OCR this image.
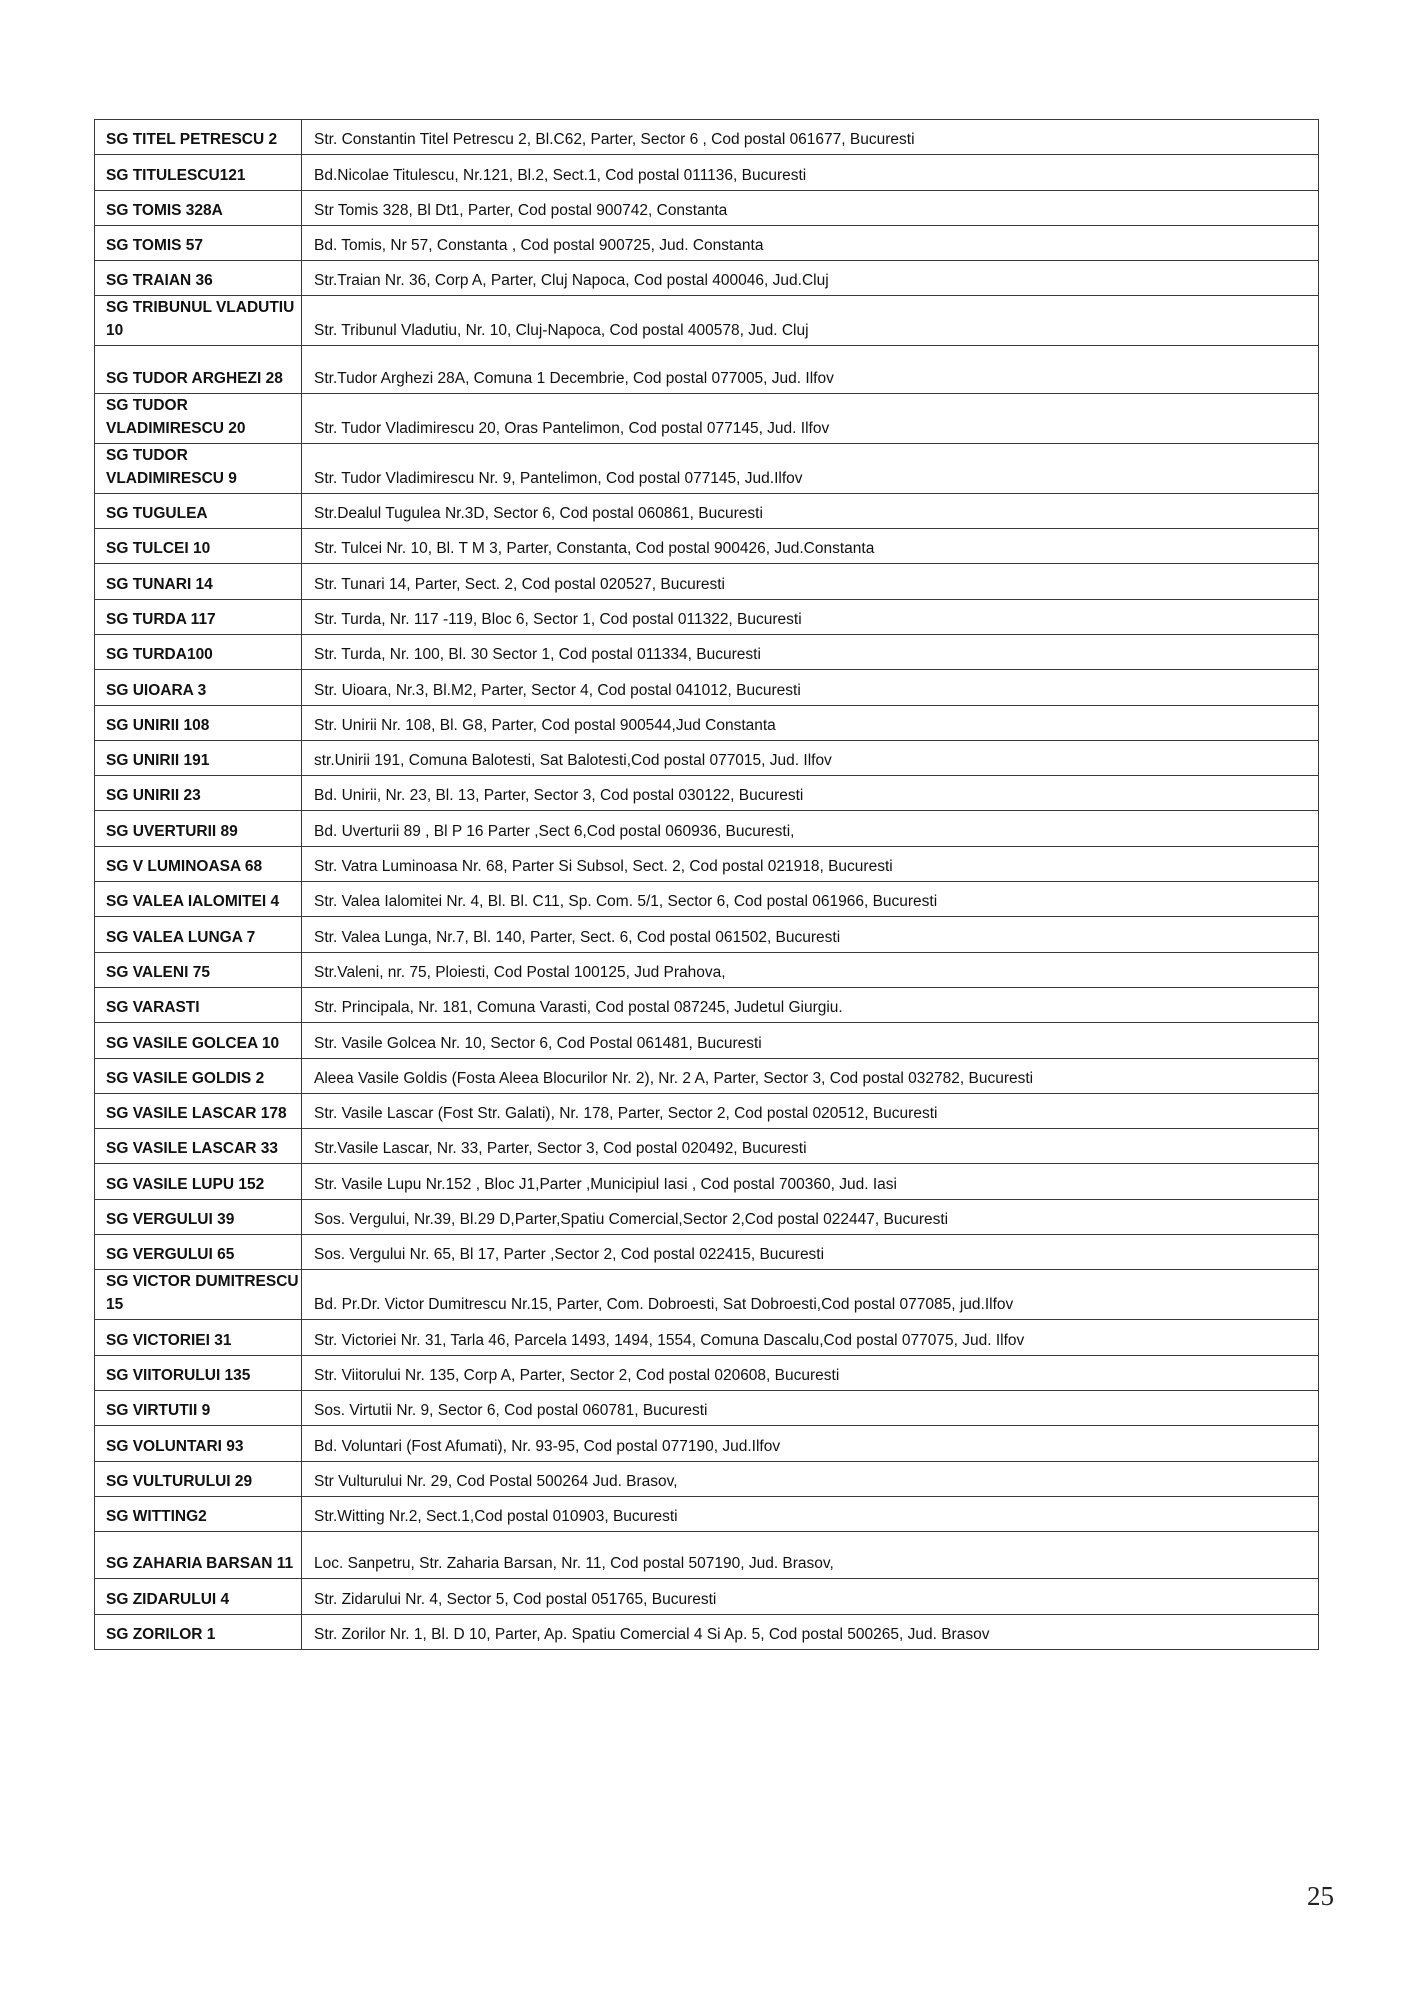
SG TITEL PETRESCU 2	Str. Constantin Titel Petrescu 2, Bl.C62, Parter, Sector 6 , Cod postal 061677, Bucuresti
SG TITULESCU121	Bd.Nicolae Titulescu, Nr.121, Bl.2, Sect.1, Cod postal 011136, Bucuresti
SG TOMIS 328A	Str Tomis 328, Bl Dt1, Parter, Cod postal 900742, Constanta
SG TOMIS 57	Bd. Tomis, Nr 57, Constanta , Cod postal 900725, Jud. Constanta
SG TRAIAN 36	Str.Traian Nr. 36, Corp A, Parter, Cluj Napoca, Cod postal 400046, Jud.Cluj
SG TRIBUNUL VLADUTIU 10	Str. Tribunul Vladutiu, Nr. 10, Cluj-Napoca, Cod postal 400578, Jud. Cluj
SG TUDOR ARGHEZI 28	Str.Tudor Arghezi 28A, Comuna 1 Decembrie, Cod postal 077005, Jud. Ilfov
SG TUDOR VLADIMIRESCU 20	Str. Tudor Vladimirescu 20, Oras Pantelimon, Cod postal 077145, Jud. Ilfov
SG TUDOR VLADIMIRESCU 9	Str. Tudor Vladimirescu Nr. 9, Pantelimon, Cod postal 077145, Jud.Ilfov
SG TUGULEA	Str.Dealul Tugulea Nr.3D, Sector 6, Cod postal 060861, Bucuresti
SG TULCEI 10	Str. Tulcei Nr. 10, Bl. T M 3, Parter, Constanta, Cod postal 900426, Jud.Constanta
SG TUNARI 14	Str. Tunari 14, Parter, Sect. 2, Cod postal 020527, Bucuresti
SG TURDA 117	Str. Turda, Nr. 117 -119, Bloc 6, Sector 1, Cod postal 011322, Bucuresti
SG TURDA100	Str. Turda, Nr. 100, Bl. 30 Sector 1, Cod postal 011334, Bucuresti
SG UIOARA 3	Str. Uioara, Nr.3, Bl.M2, Parter, Sector 4, Cod postal 041012, Bucuresti
SG UNIRII 108	Str. Unirii Nr. 108, Bl. G8, Parter, Cod postal 900544,Jud Constanta
SG UNIRII 191	str.Unirii 191, Comuna Balotesti, Sat Balotesti,Cod postal 077015, Jud. Ilfov
SG UNIRII 23	Bd. Unirii, Nr. 23, Bl. 13, Parter, Sector 3, Cod postal 030122, Bucuresti
SG UVERTURII 89	Bd. Uverturii 89 , Bl P 16 Parter ,Sect 6,Cod postal 060936, Bucuresti,
SG V LUMINOASA 68	Str. Vatra Luminoasa Nr. 68, Parter Si Subsol, Sect. 2, Cod postal 021918, Bucuresti
SG VALEA IALOMITEI 4	Str. Valea Ialomitei Nr. 4, Bl. Bl. C11, Sp. Com. 5/1, Sector 6, Cod postal 061966, Bucuresti
SG VALEA LUNGA 7	Str. Valea Lunga, Nr.7, Bl. 140, Parter, Sect. 6, Cod postal 061502, Bucuresti
SG VALENI 75	Str.Valeni, nr. 75, Ploiesti, Cod Postal 100125, Jud Prahova,
SG VARASTI	Str. Principala, Nr. 181, Comuna Varasti, Cod postal 087245, Judetul Giurgiu.
SG VASILE GOLCEA 10	Str. Vasile Golcea Nr. 10, Sector 6, Cod Postal 061481, Bucuresti
SG VASILE GOLDIS 2	Aleea Vasile Goldis (Fosta Aleea Blocurilor Nr. 2), Nr. 2 A, Parter, Sector 3, Cod postal 032782, Bucuresti
SG VASILE LASCAR 178	Str. Vasile Lascar (Fost Str. Galati), Nr. 178, Parter, Sector 2, Cod postal 020512, Bucuresti
SG VASILE LASCAR 33	Str.Vasile Lascar, Nr. 33, Parter, Sector 3, Cod postal 020492, Bucuresti
SG VASILE LUPU 152	Str. Vasile Lupu Nr.152 , Bloc J1,Parter ,Municipiul Iasi , Cod postal 700360, Jud. Iasi
SG VERGULUI 39	Sos. Vergului, Nr.39, Bl.29 D,Parter,Spatiu Comercial,Sector 2,Cod postal 022447, Bucuresti
SG VERGULUI 65	Sos. Vergului Nr. 65, Bl 17, Parter ,Sector 2, Cod postal 022415, Bucuresti
SG VICTOR DUMITRESCU 15	Bd. Pr.Dr. Victor Dumitrescu Nr.15, Parter, Com. Dobroesti, Sat Dobroesti,Cod postal 077085, jud.Ilfov
SG VICTORIEI 31	Str. Victoriei Nr. 31, Tarla 46, Parcela 1493, 1494, 1554, Comuna Dascalu,Cod postal 077075, Jud. Ilfov
SG VIITORULUI 135	Str. Viitorului Nr. 135, Corp A, Parter, Sector 2, Cod postal 020608, Bucuresti
SG VIRTUTII 9	Sos. Virtutii Nr. 9, Sector 6, Cod postal 060781, Bucuresti
SG VOLUNTARI 93	Bd. Voluntari (Fost Afumati), Nr. 93-95, Cod postal 077190, Jud.Ilfov
SG VULTURULUI 29	Str Vulturului Nr. 29, Cod Postal 500264 Jud. Brasov,
SG WITTING2	Str.Witting Nr.2, Sect.1,Cod postal 010903, Bucuresti
SG ZAHARIA BARSAN 11	Loc. Sanpetru, Str. Zaharia Barsan, Nr. 11, Cod postal 507190, Jud. Brasov,
SG ZIDARULUI 4	Str. Zidarului Nr. 4, Sector 5, Cod postal 051765, Bucuresti
SG ZORILOR 1	Str. Zorilor Nr. 1, Bl. D 10, Parter, Ap. Spatiu Comercial 4 Si Ap. 5, Cod postal 500265, Jud. Brasov
25
